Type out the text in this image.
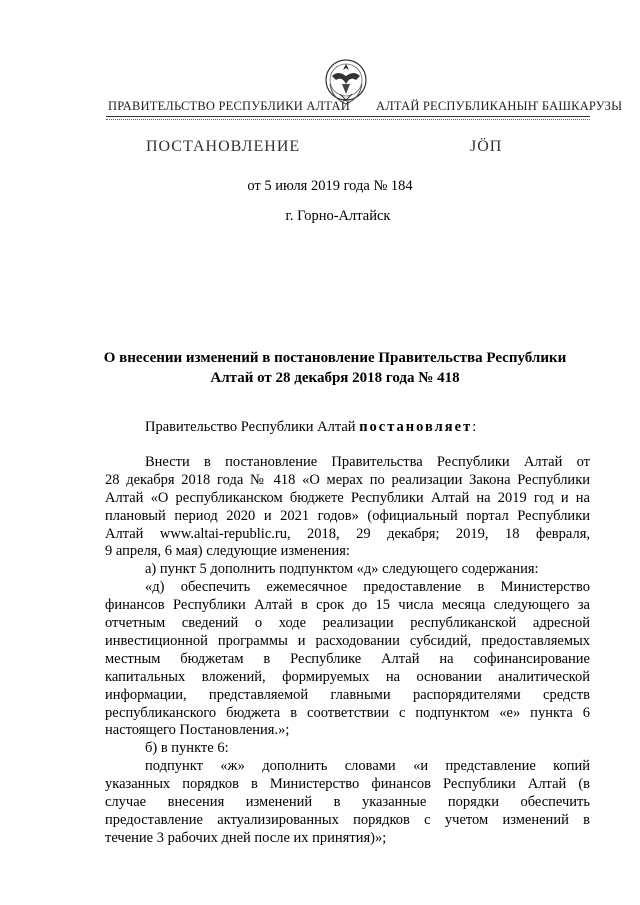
ПРАВИТЕЛЬСТВО РЕСПУБЛИКИ АЛТАЙ АЛТАЙ РЕСПУБЛИКАНЫҤ БАШКАРУЗЫ
ПОСТАНОВЛЕНИЕ	ЈӦП
от 5 июля 2019 года № 184
г. Горно-Алтайск
О внесении изменений в постановление Правительства Республики
Алтай от 28 декабря 2018 года № 418
Правительство Республики Алтай постановляет:
Внести в постановление Правительства Республики Алтай от
28 декабря 2018 года № 418 «О мерах по реализации Закона Республики
Алтай «О республиканском бюджете Республики Алтай на 2019 год и на
плановый период 2020 и 2021 годов» (официальный портал Республики
Алтай www.altai-republic.ru, 2018, 29 декабря; 2019, 18 февраля,
9 апреля, 6 мая) следующие изменения:
а) пункт 5 дополнить подпунктом «д» следующего содержания:
«д) обеспечить ежемесячное предоставление в Министерство
финансов Республики Алтай в срок до 15 числа месяца следующего за
отчетным сведений о ходе реализации республиканской адресной
инвестиционной программы и расходовании субсидий, предоставляемых
местным бюджетам в Республике Алтай на софинансирование
капитальных вложений, формируемых на основании аналитической
информации, представляемой главными распорядителями средств
республиканского бюджета в соответствии с подпунктом «е» пункта 6
настоящего Постановления.»;
б) в пункте 6:
подпункт «ж» дополнить словами «и представление копий
указанных порядков в Министерство финансов Республики Алтай (в
случае внесения изменений в указанные порядки обеспечить
предоставление актуализированных порядков с учетом изменений в
течение 3 рабочих дней после их принятия)»;
